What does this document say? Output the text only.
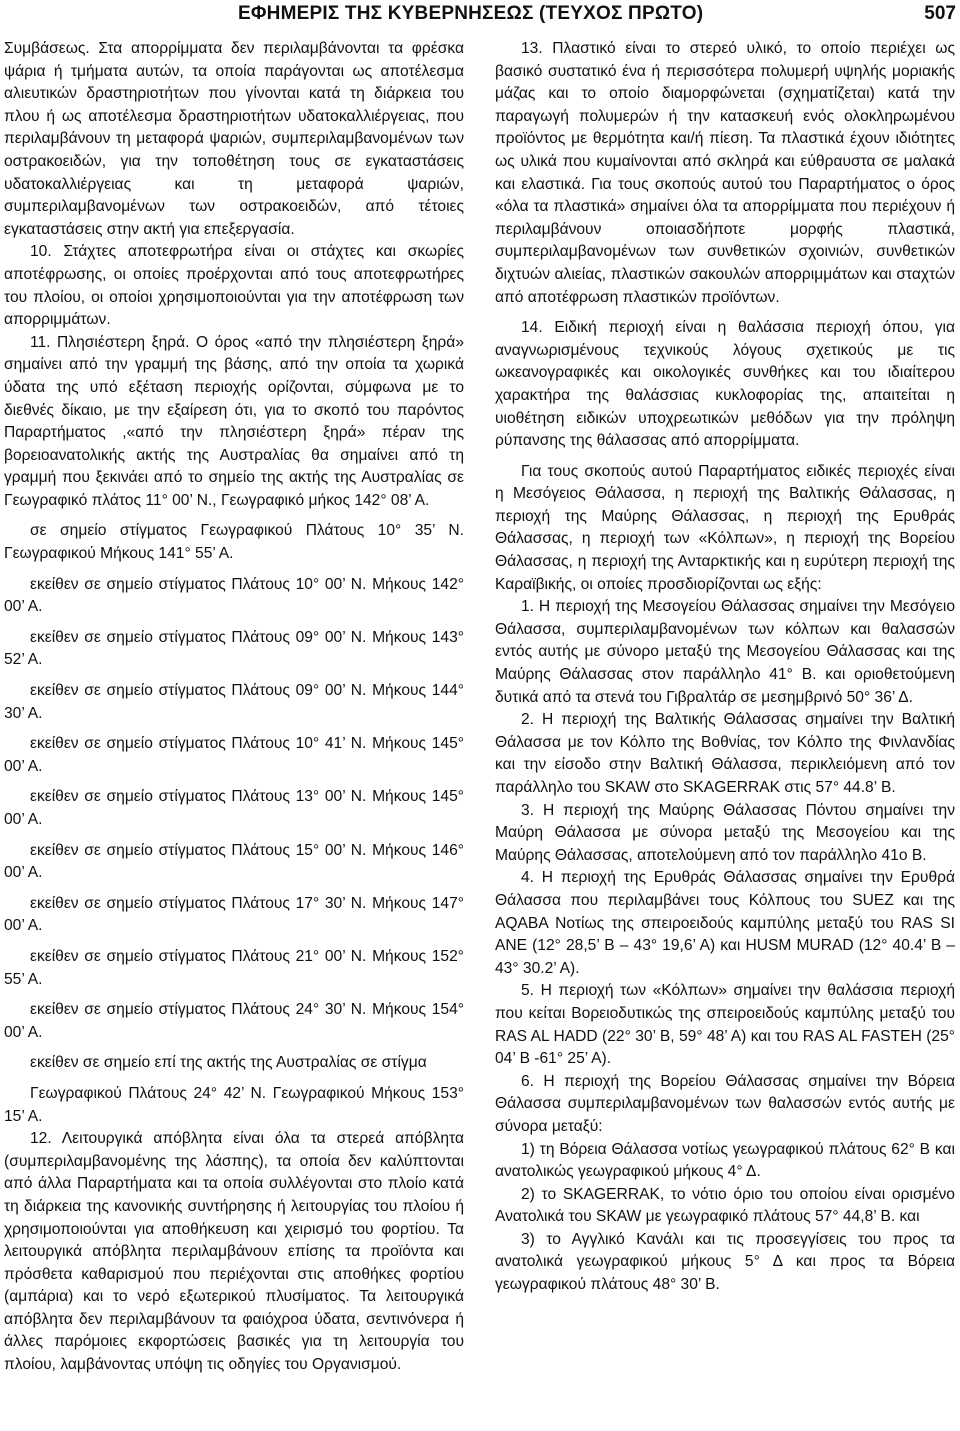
ΕΦΗΜΕΡΙΣ ΤΗΣ ΚΥΒΕΡΝΗΣΕΩΣ (ΤΕΥΧΟΣ ΠΡΩΤΟ)	507

Συμβάσεως. Στα απορρίμματα δεν περιλαμβάνονται τα φρέσκα ψάρια ή τμήματα αυτών, τα οποία παράγονται ως αποτέλεσμα αλιευτικών δραστηριοτήτων που γίνονται κατά τη διάρκεια του πλου ή ως αποτέλεσμα δραστηριοτήτων υδατοκαλλιέργειας, που περιλαμβάνουν τη μεταφορά ψαριών, συμπεριλαμβανομένων των οστρακοειδών, για την τοποθέτηση τους σε εγκαταστάσεις υδατοκαλλιέργειας και τη μεταφορά ψαριών, συμπεριλαμβανομένων των οστρακοειδών, από τέτοιες εγκαταστάσεις στην ακτή για επεξεργασία.

10. Στάχτες αποτεφρωτήρα είναι οι στάχτες και σκωρίες αποτέφρωσης, οι οποίες προέρχονται από τους αποτεφρωτήρες του πλοίου, οι οποίοι χρησιμοποιούνται για την αποτέφρωση των απορριμμάτων.

11. Πλησιέστερη ξηρά. Ο όρος «από την πλησιέστερη ξηρά» σημαίνει από την γραμμή της βάσης, από την οποία τα χωρικά ύδατα της υπό εξέταση περιοχής ορίζονται, σύμφωνα με το διεθνές δίκαιο, με την εξαίρεση ότι, για το σκοπό του παρόντος Παραρτήματος ,«από την πλησιέστερη ξηρά» πέραν της βορειοανατολικής ακτής της Αυστραλίας θα σημαίνει από τη γραμμή που ξεκινάει από το σημείο της ακτής της Αυστραλίας σε Γεωγραφικό πλάτος 11° 00’ Ν., Γεωγραφικό μήκος 142° 08’ Α.

σε σημείο στίγματος Γεωγραφικού Πλάτους 10° 35’ Ν. Γεωγραφικού Μήκους 141° 55’ Α.

εκείθεν σε σημείο στίγματος Πλάτους 10° 00’ Ν. Μήκους 142° 00’ Α.

εκείθεν σε σημείο στίγματος Πλάτους 09° 00’ Ν. Μήκους 143° 52’ Α.

εκείθεν σε σημείο στίγματος Πλάτους 09° 00’ Ν. Μήκους 144° 30’ Α.

εκείθεν σε σημείο στίγματος Πλάτους 10° 41’ Ν. Μήκους 145° 00’ Α.

εκείθεν σε σημείο στίγματος Πλάτους 13° 00’ Ν. Μήκους 145° 00’ Α.

εκείθεν σε σημείο στίγματος Πλάτους 15° 00’ Ν. Μήκους 146° 00’ Α.

εκείθεν σε σημείο στίγματος Πλάτους 17° 30’ Ν. Μήκους 147° 00’ Α.

εκείθεν σε σημείο στίγματος Πλάτους 21° 00’ Ν. Μήκους 152° 55’ Α.

εκείθεν σε σημείο στίγματος Πλάτους 24° 30’ Ν. Μήκους 154° 00’ Α.

εκείθεν σε σημείο επί της ακτής της Αυστραλίας σε στίγμα

Γεωγραφικού Πλάτους 24° 42’ Ν. Γεωγραφικού Μήκους 153° 15’ Α.

12. Λειτουργικά απόβλητα είναι όλα τα στερεά απόβλητα (συμπεριλαμβανομένης της λάσπης), τα οποία δεν καλύπτονται από άλλα Παραρτήματα και τα οποία συλλέγονται στο πλοίο κατά τη διάρκεια της κανονικής συντήρησης ή λειτουργίας του πλοίου ή χρησιμοποιούνται για αποθήκευση και χειρισμό του φορτίου. Τα λειτουργικά απόβλητα περιλαμβάνουν επίσης τα προϊόντα και πρόσθετα καθαρισμού που περιέχονται στις αποθήκες φορτίου (αμπάρια) και το νερό εξωτερικού πλυσίματος. Τα λειτουργικά απόβλητα δεν περιλαμβάνουν τα φαιόχροα ύδατα, σεντινόνερα ή άλλες παρόμοιες εκφορτώσεις βασικές για τη λειτουργία του πλοίου, λαμβάνοντας υπόψη τις οδηγίες του Οργανισμού.

13. Πλαστικό είναι το στερεό υλικό, το οποίο περιέχει ως βασικό συστατικό ένα ή περισσότερα πολυμερή υψηλής μοριακής μάζας και το οποίο διαμορφώνεται (σχηματίζεται) κατά την παραγωγή πολυμερών ή την κατασκευή ενός ολοκληρωμένου προϊόντος με θερμότητα και/ή πίεση. Τα πλαστικά έχουν ιδιότητες ως υλικά που κυμαίνονται από σκληρά και εύθραυστα σε μαλακά και ελαστικά. Για τους σκοπούς αυτού του Παραρτήματος ο όρος «όλα τα πλαστικά» σημαίνει όλα τα απορρίμματα που περιέχουν ή περιλαμβάνουν οποιασδήποτε μορφής πλαστικά, συμπεριλαμβανομένων των συνθετικών σχοινιών, συνθετικών διχτυών αλιείας, πλαστικών σακουλών απορριμμάτων και σταχτών από αποτέφρωση πλαστικών προϊόντων.

14. Ειδική περιοχή είναι η θαλάσσια περιοχή όπου, για αναγνωρισμένους τεχνικούς λόγους σχετικούς με τις ωκεανογραφικές και οικολογικές συνθήκες και του ιδιαίτερου χαρακτήρα της θαλάσσιας κυκλοφορίας της, απαιτείται η υιοθέτηση ειδικών υποχρεωτικών μεθόδων για την πρόληψη ρύπανσης της θάλασσας από απορρίμματα.

Για τους σκοπούς αυτού Παραρτήματος ειδικές περιοχές είναι η Μεσόγειος Θάλασσα, η περιοχή της Βαλτικής Θάλασσας, η περιοχή της Μαύρης Θάλασσας, η περιοχή της Ερυθράς Θάλασσας, η περιοχή των «Κόλπων», η περιοχή της Βορείου Θάλασσας, η περιοχή της Ανταρκτικής και η ευρύτερη περιοχή της Καραϊβικής, οι οποίες προσδιορίζονται ως εξής:

1. Η περιοχή της Μεσογείου Θάλασσας σημαίνει την Μεσόγειο Θάλασσα, συμπεριλαμβανομένων των κόλπων και θαλασσών εντός αυτής με σύνορο μεταξύ της Μεσογείου Θάλασσας και της Μαύρης Θάλασσας στον παράλληλο 41° Β. και οριοθετούμενη δυτικά από τα στενά του Γιβραλτάρ σε μεσημβρινό 50° 36’ Δ.

2. Η περιοχή της Βαλτικής Θάλασσας σημαίνει την Βαλτική Θάλασσα με τον Κόλπο της Βοθνίας, τον Κόλπο της Φινλανδίας και την είσοδο στην Βαλτική Θάλασσα, περικλειόμενη από τον παράλληλο του SKAW στο SKAGERRAK στις 57° 44.8’ Β.

3. Η περιοχή της Μαύρης Θάλασσας Πόντου σημαίνει την Μαύρη Θάλασσα με σύνορα μεταξύ της Μεσογείου και της Μαύρης Θάλασσας, αποτελούμενη από τον παράλληλο 41ο Β.

4. Η περιοχή της Ερυθράς Θάλασσας σημαίνει την Ερυθρά Θάλασσα που περιλαμβάνει τους Κόλπους του SUEZ και της AQABA Νοτίως της σπειροειδούς καμπύλης μεταξύ του RAS SI ANE (12° 28,5’ Β – 43° 19,6’ Α) και HUSM MURAD (12° 40.4’ Β – 43° 30.2’ Α).

5. Η περιοχή των «Κόλπων» σημαίνει την θαλάσσια περιοχή που κείται Βορειοδυτικώς της σπειροειδούς καμπύλης μεταξύ του RAS AL HADD (22° 30’ Β, 59° 48’ Α) και του RAS AL FASTEH (25° 04’ Β -61° 25’ Α).

6. Η περιοχή της Βορείου Θάλασσας σημαίνει την Βόρεια Θάλασσα συμπεριλαμβανομένων των θαλασσών εντός αυτής με σύνορα μεταξύ:

1) τη Βόρεια Θάλασσα νοτίως γεωγραφικού πλάτους 62° Β και ανατολικώς γεωγραφικού μήκους 4° Δ.

2) το SKAGERRAK, το νότιο όριο του οποίου είναι ορισμένο Ανατολικά του SKAW με γεωγραφικό πλάτους 57° 44,8’ Β. και

3) το Αγγλικό Κανάλι και τις προσεγγίσεις του προς τα ανατολικά γεωγραφικού μήκους 5° Δ και προς τα Βόρεια γεωγραφικού πλάτους 48° 30’ Β.
